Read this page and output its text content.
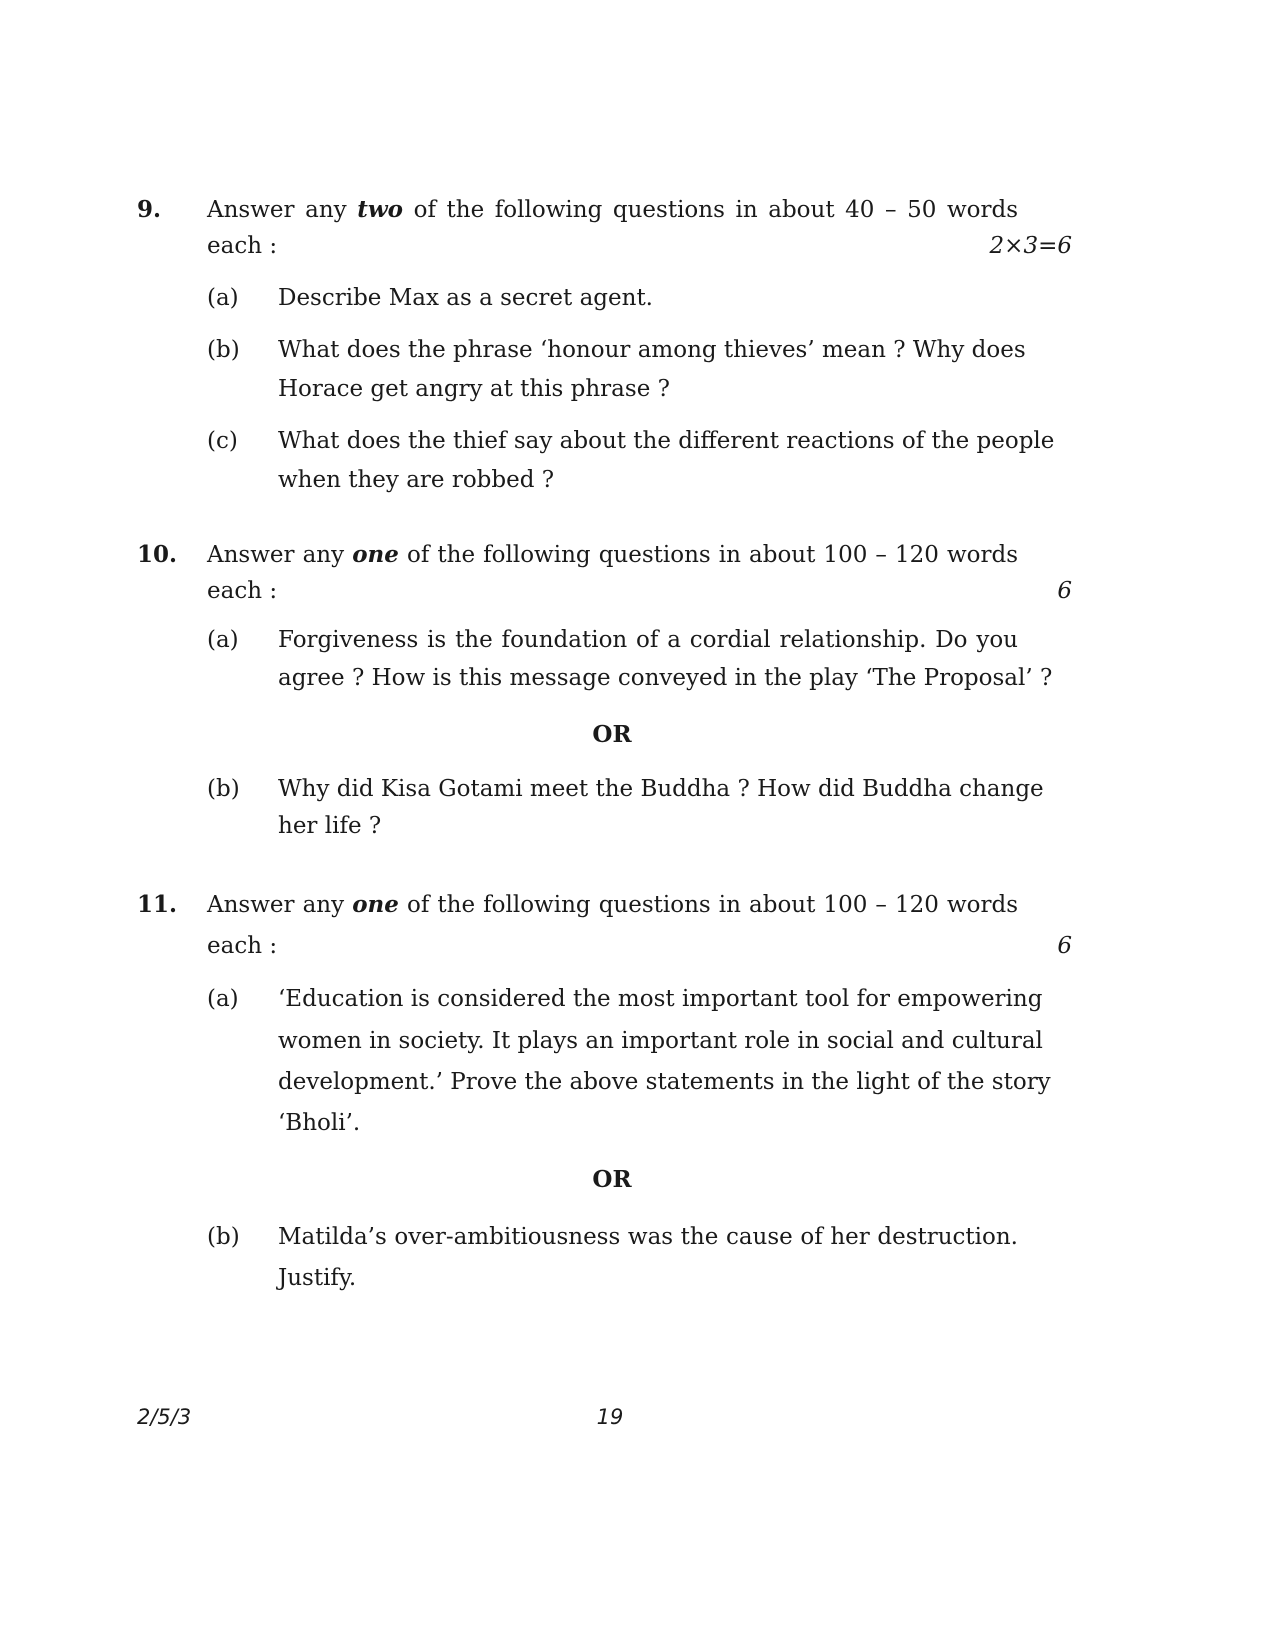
9. Answer any two of the following questions in about 40 – 50 words
each :	2×3=6
(a)	Describe Max as a secret agent.
(b)	What does the phrase ‘honour among thieves’ mean ? Why does
Horace get angry at this phrase ?
(c)	What does the thief say about the different reactions of the people
when they are robbed ?
10. Answer any one of the following questions in about 100 – 120 words
each :	6
(a)	Forgiveness is the foundation of a cordial relationship. Do you
agree ? How is this message conveyed in the play ‘The Proposal’ ?
OR
(b)	Why did Kisa Gotami meet the Buddha ? How did Buddha change
her life ?
11. Answer any one of the following questions in about 100 – 120 words
each :	6
(a)	‘Education is considered the most important tool for empowering
women in society. It plays an important role in social and cultural
development.’ Prove the above statements in the light of the story
‘Bholi’.
OR
(b)	Matilda’s over-ambitiousness was the cause of her destruction.
Justify.
2/5/3	19
